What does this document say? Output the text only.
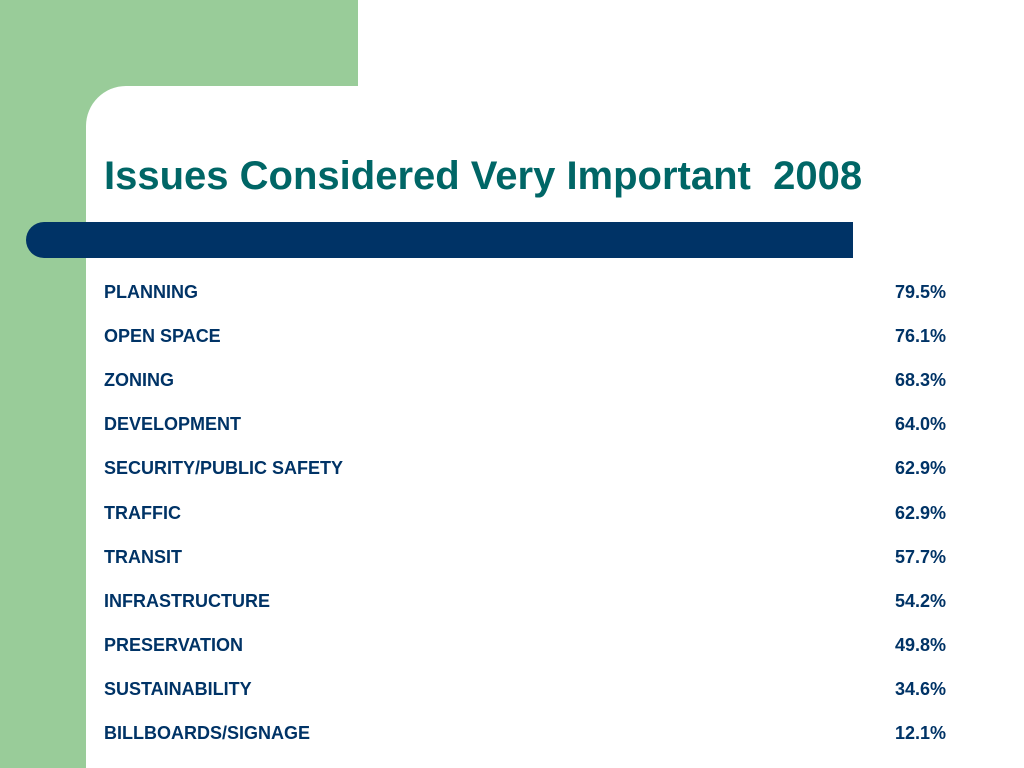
Issues Considered Very Important  2008
PLANNING	79.5%
OPEN SPACE	76.1%
ZONING	68.3%
DEVELOPMENT	64.0%
SECURITY/PUBLIC SAFETY	62.9%
TRAFFIC	62.9%
TRANSIT	57.7%
INFRASTRUCTURE	54.2%
PRESERVATION	49.8%
SUSTAINABILITY	34.6%
BILLBOARDS/SIGNAGE	12.1%
